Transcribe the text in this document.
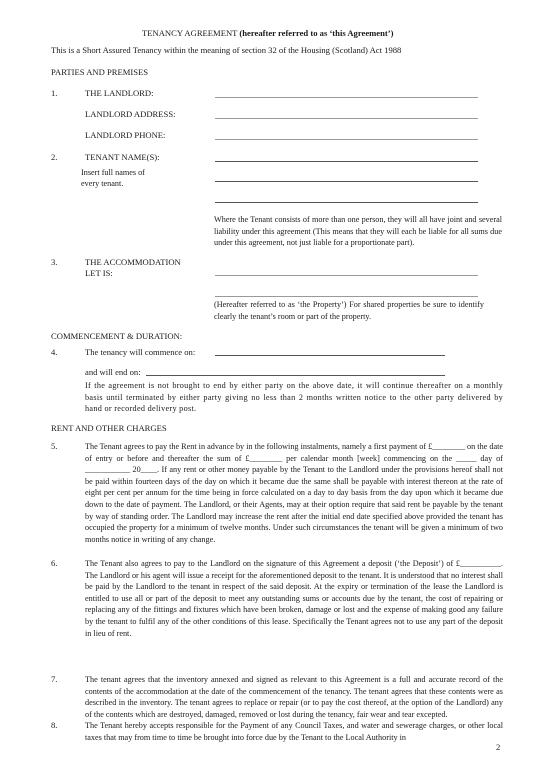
TENANCY AGREEMENT (hereafter referred to as ‘this Agreement’)
This is a Short Assured Tenancy within the meaning of section 32 of the Housing (Scotland) Act 1988
PARTIES AND PREMISES
1.	THE LANDLORD:
LANDLORD ADDRESS:
LANDLORD PHONE:
2.	TENANT NAME(S):
Insert full names of
every tenant.
Where the Tenant consists of more than one person, they will all have joint and several liability under this agreement (This means that they will each be liable for all sums due under this agreement, not just liable for a proportionate part).
3.	THE ACCOMMODATION
LET IS:
(Hereafter referred to as ‘the Property’) For shared properties be sure to identify clearly the tenant’s room or part of the property.
COMMENCEMENT & DURATION:
4.	The tenancy will commence on:
and will end on:
If the agreement is not brought to end by either party on the above date, it will continue thereafter on a monthly basis until terminated by either party giving no less than 2 months written notice to the other party delivered by hand or recorded delivery post.
RENT AND OTHER CHARGES
5.	The Tenant agrees to pay the Rent in advance by in the following instalments, namely a first payment of £________ on the date of entry or before and thereafter the sum of £________ per calendar month [week] commencing on the _____ day of ___________ 20____. If any rent or other money payable by the Tenant to the Landlord under the provisions hereof shall not be paid within fourteen days of the day on which it became due the same shall be payable with interest thereon at the rate of eight per cent per annum for the time being in force calculated on a day to day basis from the day upon which it became due down to the date of payment. The Landlord, or their Agents, may at their option require that said rent be payable by the tenant by way of standing order. The Landlord may increase the rent after the initial end date specified above provided the tenant has occupied the property for a minimum of twelve months. Under such circumstances the tenant will be given a minimum of two months notice in writing of any change.
6.	The Tenant also agrees to pay to the Landlord on the signature of this Agreement a deposit (‘the Deposit’) of £__________. The Landlord or his agent will issue a receipt for the aforementioned deposit to the tenant. It is understood that no interest shall be paid by the Landlord to the tenant in respect of the said deposit. At the expiry or termination of the lease the Landlord is entitled to use all or part of the deposit to meet any outstanding sums or accounts due by the tenant, the cost of repairing or replacing any of the fittings and fixtures which have been broken, damage or lost and the expense of making good any failure by the tenant to fulfil any of the other conditions of this lease. Specifically the Tenant agrees not to use any part of the deposit in lieu of rent.
7.	The tenant agrees that the inventory annexed and signed as relevant to this Agreement is a full and accurate record of the contents of the accommodation at the date of the commencement of the tenancy. The tenant agrees that these contents were as described in the inventory. The tenant agrees to replace or repair (or to pay the cost thereof, at the option of the Landlord) any of the contents which are destroyed, damaged, removed or lost during the tenancy, fair wear and tear excepted.
8.	The Tenant hereby accepts responsible for the Payment of any Council Taxes, and water and sewerage charges, or other local taxes that may from time to time be brought into force due by the Tenant to the Local Authority in
2
